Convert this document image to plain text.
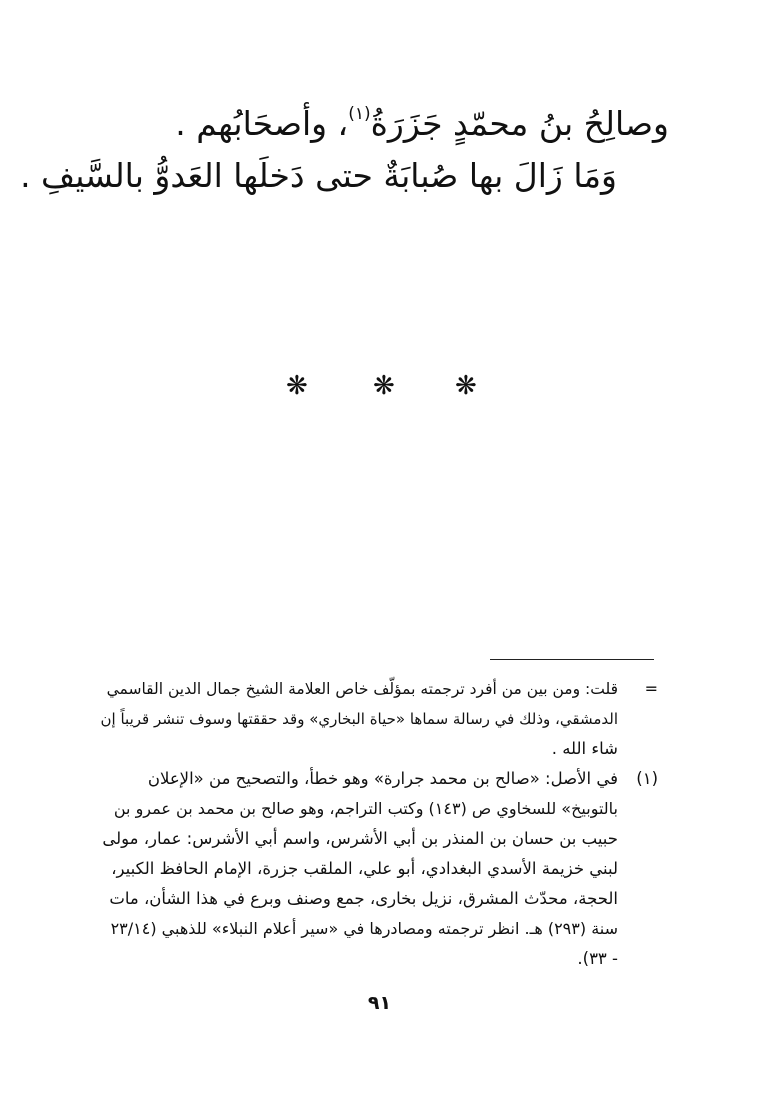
وصالِحُ بنُ محمّدٍ جَزَرَةُ$^{(١)}$، وأصحَابُهم .
وَمَا زَالَ بها صُبابَةٌ حتى دَخلَها العَدوُّ بالسَّيفِ .
❋	❋ ❋
=
قلت: ومن بين من أفرد ترجمته بمؤلّف خاص العلامة الشيخ جمال الدين القاسمي
الدمشقي، وذلك في رسالة سماها «حياة البخاري» وقد حققتها وسوف تنشر قريباً إن
شاء الله .
(١)
في الأصل: «صالح بن محمد جرارة» وهو خطأ، والتصحيح من «الإعلان
بالتوبيخ» للسخاوي ص (١٤٣) وكتب التراجم، وهو صالح بن محمد بن عمرو بن
حبيب بن حسان بن المنذر بن أبي الأشرس، واسم أبي الأشرس: عمار، مولى
لبني خزيمة الأسدي البغدادي، أبو علي، الملقب جزرة، الإمام الحافظ الكبير،
الحجة، محدّث المشرق، نزيل بخارى، جمع وصنف وبرع في هذا الشأن، مات
سنة (٢٩٣) هـ. انظر ترجمته ومصادرها في «سير أعلام النبلاء» للذهبي (٢٣/١٤
- ٣٣).
٩١
